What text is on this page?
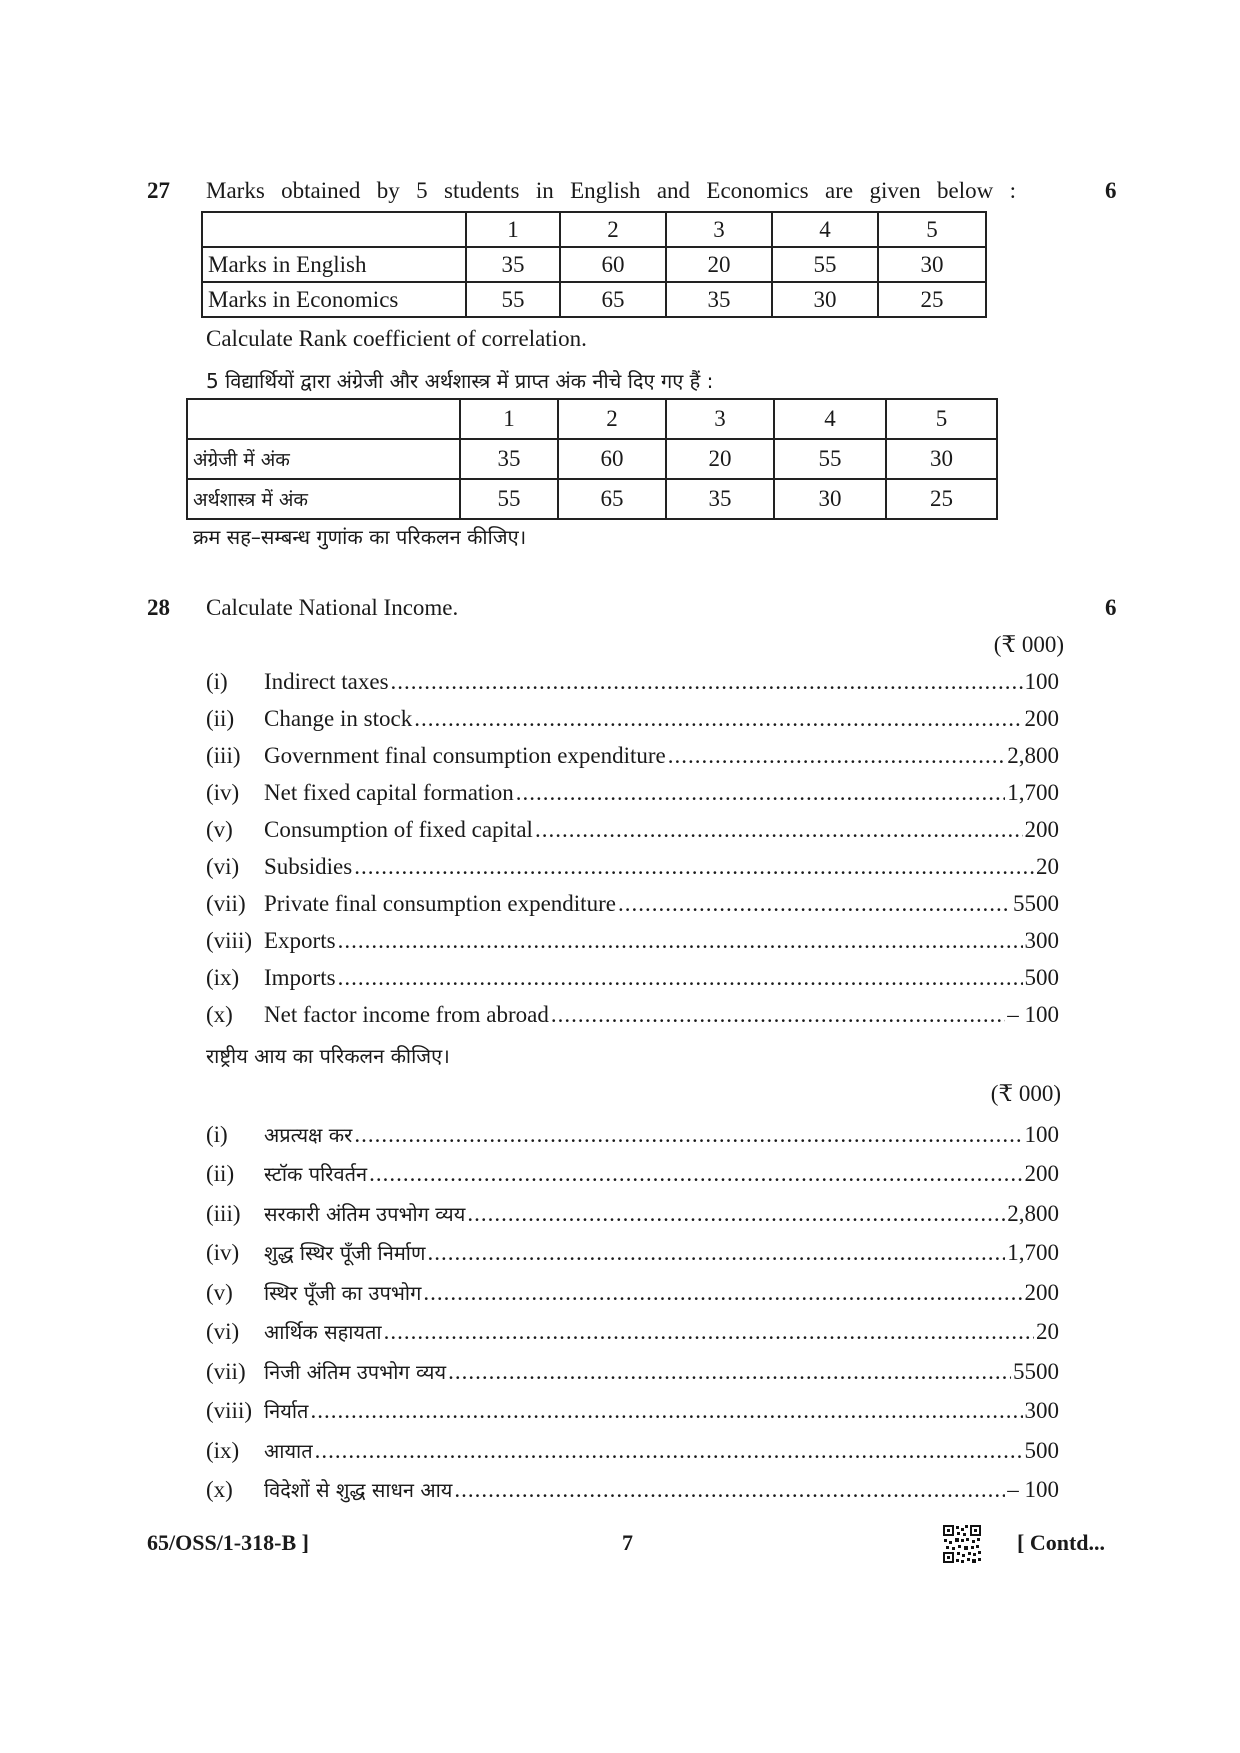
27 Marks obtained by 5 students in English and Economics are given below :	6
	1	2	3	4	5
Marks in English	35	60	20	55	30
Marks in Economics	55	65	35	30	25
Calculate Rank coefficient of correlation.
5 विद्यार्थियों द्वारा अंग्रेजी और अर्थशास्त्र में प्राप्त अंक नीचे दिए गए हैं :
	1	2	3	4	5
अंग्रेजी में अंक	35	60	20	55	30
अर्थशास्त्र में अंक	55	65	35	30	25
क्रम सह–सम्बन्ध गुणांक का परिकलन कीजिए।
28 Calculate National Income.	6
(₹ 000)
(i)	Indirect taxes .....	100
(ii)	Change in stock .....	200
(iii)	Government final consumption expenditure .....	2,800
(iv)	Net fixed capital formation .....	1,700
(v)	Consumption of fixed capital .....	200
(vi)	Subsidies .....	20
(vii) Private final consumption expenditure .....	5500
(viii) Exports .....	300
(ix)	Imports .....	500
(x)	Net factor income from abroad .....	– 100
राष्ट्रीय आय का परिकलन कीजिए।
(₹ 000)
(i)	अप्रत्यक्ष कर .....	100
(ii)	स्टॉक परिवर्तन .....	200
(iii)	सरकारी अंतिम उपभोग व्यय .....	2,800
(iv)	शुद्ध स्थिर पूँजी निर्माण .....	1,700
(v)	स्थिर पूँजी का उपभोग .....	200
(vi)	आर्थिक सहायता .....	20
(vii) निजी अंतिम उपभोग व्यय .....	5500
(viii) निर्यात .....	300
(ix)	आयात .....	500
(x)	विदेशों से शुद्ध साधन आय .....	– 100
65/OSS/1-318-B ]	7	[ Contd...
